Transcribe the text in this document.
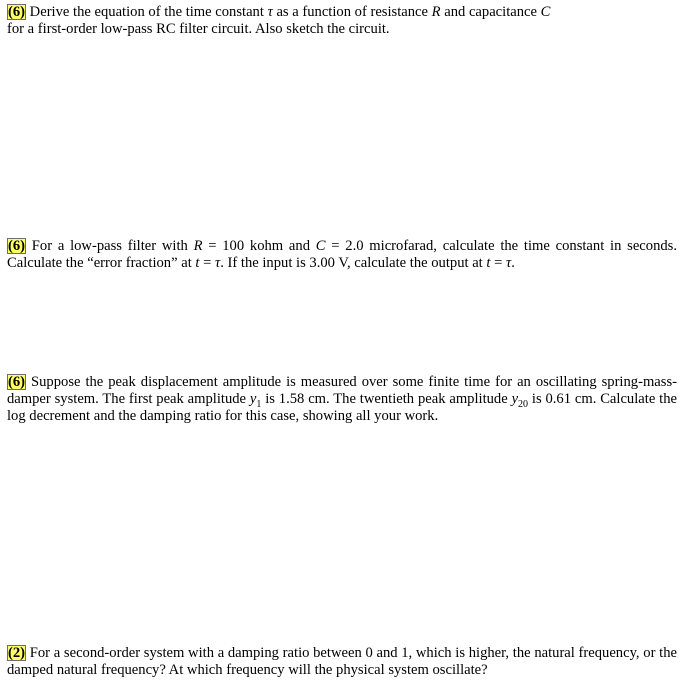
(6) Derive the equation of the time constant τ as a function of resistance R and capacitance C
for a first-order low-pass RC filter circuit. Also sketch the circuit.

(6) For a low-pass filter with R = 100 kohm and C = 2.0 microfarad, calculate the time constant in seconds. Calculate the “error fraction” at t = τ. If the input is 3.00 V, calculate the output at t = τ.

(6) Suppose the peak displacement amplitude is measured over some finite time for an oscillating spring-mass-damper system. The first peak amplitude $y_1$ is 1.58 cm. The twentieth peak amplitude $y_{20}$ is 0.61 cm. Calculate the log decrement and the damping ratio for this case, showing all your work.

(2) For a second-order system with a damping ratio between 0 and 1, which is higher, the natural frequency, or the damped natural frequency? At which frequency will the physical system oscillate?
